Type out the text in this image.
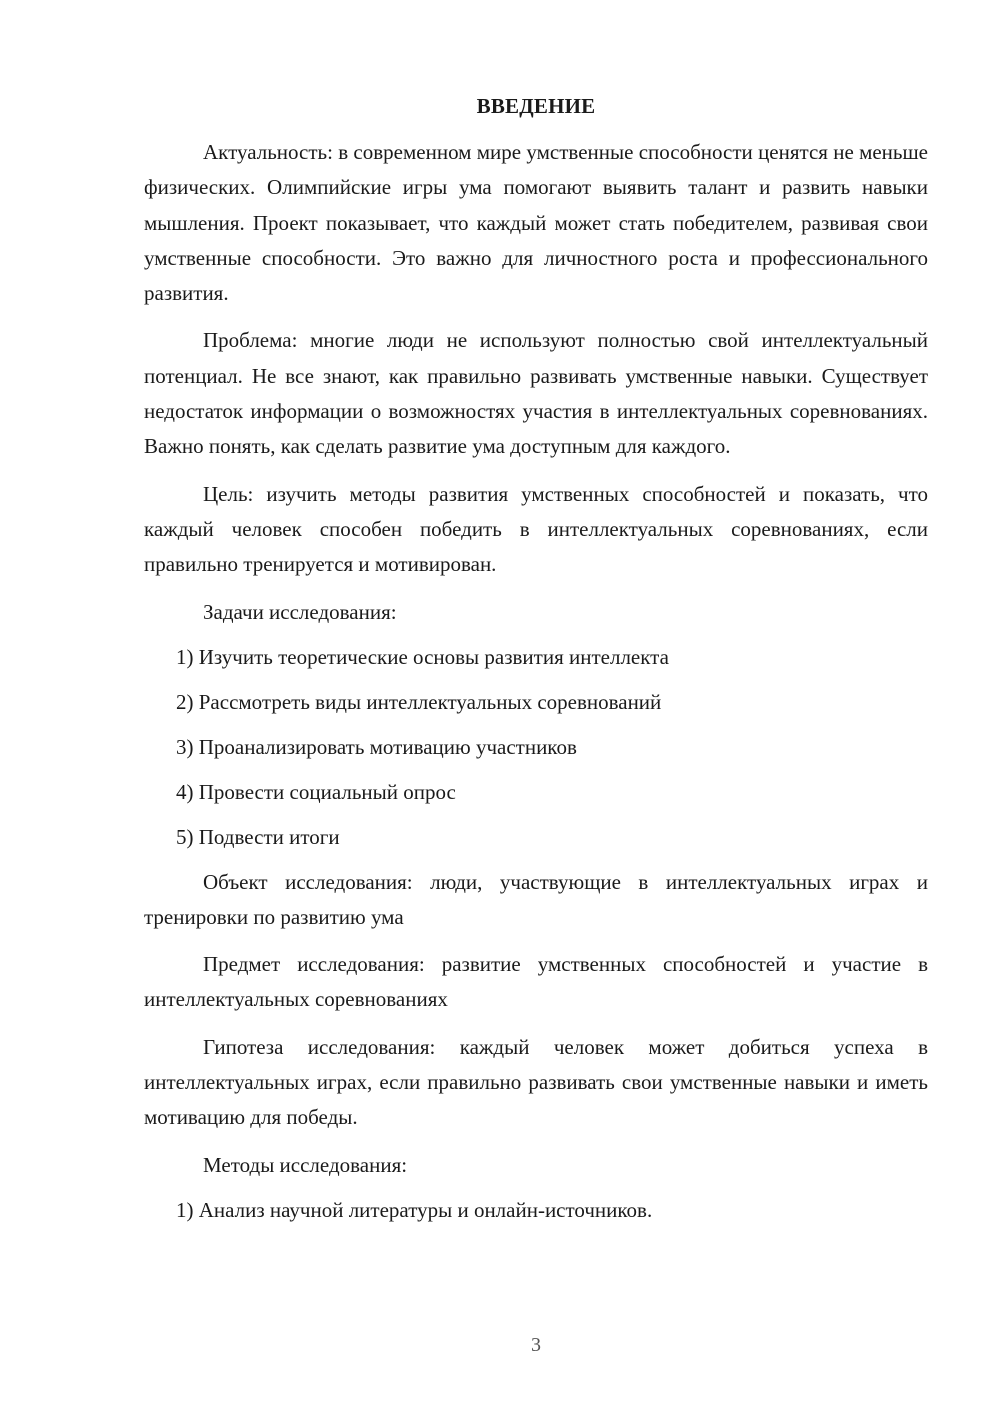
ВВЕДЕНИЕ

Актуальность: в современном мире умственные способности ценятся не меньше физических. Олимпийские игры ума помогают выявить талант и развить навыки мышления. Проект показывает, что каждый может стать победителем, развивая свои умственные способности. Это важно для личностного роста и профессионального развития.

Проблема: многие люди не используют полностью свой интеллектуальный потенциал. Не все знают, как правильно развивать умственные навыки. Существует недостаток информации о возможностях участия в интеллектуальных соревнованиях. Важно понять, как сделать развитие ума доступным для каждого.

Цель: изучить методы развития умственных способностей и показать, что каждый человек способен победить в интеллектуальных соревнованиях, если правильно тренируется и мотивирован.

Задачи исследования:
1) Изучить теоретические основы развития интеллекта
2) Рассмотреть виды интеллектуальных соревнований
3) Проанализировать мотивацию участников
4) Провести социальный опрос
5) Подвести итоги

Объект исследования: люди, участвующие в интеллектуальных играх и тренировки по развитию ума

Предмет исследования: развитие умственных способностей и участие в интеллектуальных соревнованиях

Гипотеза исследования: каждый человек может добиться успеха в интеллектуальных играх, если правильно развивать свои умственные навыки и иметь мотивацию для победы.

Методы исследования:
1) Анализ научной литературы и онлайн-источников.
3
